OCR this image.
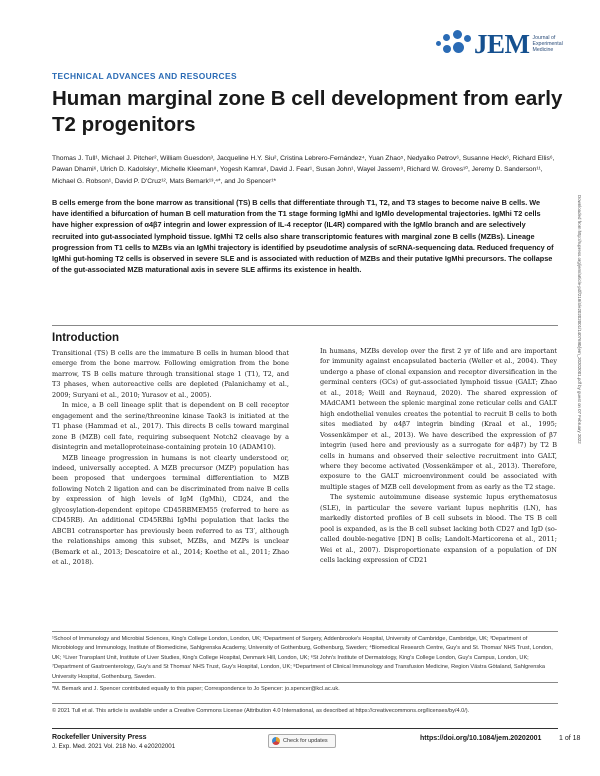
JEM Journal of Experimental Medicine
TECHNICAL ADVANCES AND RESOURCES
Human marginal zone B cell development from early T2 progenitors
Thomas J. Tull¹, Michael J. Pitcher², William Guesdon³, Jacqueline H.Y. Siu², Cristina Lebrero-Fernández⁴, Yuan Zhao⁵, Nedyalko Petrov⁶, Susanne Heck⁶, Richard Ellis⁶, Pawan Dhami⁶, Ulrich D. Kadolsky⁷, Michelle Kleeman⁸, Yogesh Kamra⁶, David J. Fear¹, Susan John¹, Wayel Jassem⁹, Richard W. Groves¹⁰, Jeremy D. Sanderson¹¹, Michael G. Robson¹, David P. D'Cruz¹², Mats Bemark¹³,⁴*, and Jo Spencer¹*
B cells emerge from the bone marrow as transitional (TS) B cells that differentiate through T1, T2, and T3 stages to become naive B cells. We have identified a bifurcation of human B cell maturation from the T1 stage forming IgMhi and IgMlo developmental trajectories. IgMhi T2 cells have higher expression of α4β7 integrin and lower expression of IL-4 receptor (IL4R) compared with the IgMlo branch and are selectively recruited into gut-associated lymphoid tissue. IgMhi T2 cells also share transcriptomic features with marginal zone B cells (MZBs). Lineage progression from T1 cells to MZBs via an IgMhi trajectory is identified by pseudotime analysis of scRNA-sequencing data. Reduced frequency of IgMhi gut-homing T2 cells is observed in severe SLE and is associated with reduction of MZBs and their putative IgMhi precursors. The collapse of the gut-associated MZB maturational axis in severe SLE affirms its existence in health.	Downloaded from http://rupress.org/jem/article-pdf/218/4/e20202001/1407690/jem_20202001.pdf by guest on 07 February 2022
Introduction

Transitional (TS) B cells are the immature B cells in human blood that emerge from the bone marrow. Following emigration from the bone marrow, TS B cells mature through transitional stage 1 (T1), T2, and T3 phases, when autoreactive cells are depleted (Palanichamy et al., 2009; Suryani et al., 2010; Yurasov et al., 2005).

In mice, a B cell lineage split that is dependent on B cell receptor engagement and the serine/threonine kinase Taok3 is initiated at the T1 phase (Hammad et al., 2017). This directs B cells toward marginal zone B (MZB) cell fate, requiring subsequent Notch2 cleavage by a disintegrin and metalloproteinase-containing protein 10 (ADAM10).

MZB lineage progression in humans is not clearly understood or, indeed, universally accepted. A MZB precursor (MZP) population has been proposed that undergoes terminal differentiation to MZB following Notch 2 ligation and can be discriminated from naive B cells by expression of high levels of IgM (IgMhi), CD24, and the glycosylation-dependent epitope CD45RBMEM55 (referred to here as CD45RB). An additional CD45RBhi IgMhi population that lacks the ABCB1 cotransporter has previously been referred to as T3′, although the relationships among this subset, MZBs, and MZPs is unclear (Bemark et al., 2013; Descatoire et al., 2014; Koethe et al., 2011; Zhao et al., 2018).

In humans, MZBs develop over the first 2 yr of life and are important for immunity against encapsulated bacteria (Weller et al., 2004). They undergo a phase of clonal expansion and receptor diversification in the germinal centers (GCs) of gut-associated lymphoid tissue (GALT; Zhao et al., 2018; Weill and Reynaud, 2020). The shared expression of MAdCAM1 between the splenic marginal zone reticular cells and GALT high endothelial venules creates the potential to recruit B cells to both sites mediated by α4β7 integrin binding (Kraal et al., 1995; Vossenkämper et al., 2013). We have described the expression of β7 integrin (used here and previously as a surrogate for α4β7) by T2 B cells in humans and observed their selective recruitment into GALT, where they become activated (Vossenkämper et al., 2013). Therefore, exposure to the GALT microenvironment could be associated with multiple stages of MZB cell development from as early as the T2 stage.

The systemic autoimmune disease systemic lupus erythematosus (SLE), in particular the severe variant lupus nephritis (LN), has markedly distorted profiles of B cell subsets in blood. The TS B cell pool is expanded, as is the B cell subset lacking both CD27 and IgD (so-called double-negative [DN] B cells; Landolt-Marticorena et al., 2011; Wei et al., 2007). Disproportionate expansion of a population of DN cells lacking expression of CD21

¹School of Immunology and Microbial Sciences, King's College London, London, UK; ²Department of Surgery, Addenbrooke's Hospital, University of Cambridge, Cambridge, UK; ³Department of Microbiology and Immunology, Institute of Biomedicine, Sahlgrenska Academy, University of Gothenburg, Gothenburg, Sweden; ⁴Biomedical Research Centre, Guy's and St. Thomas' NHS Trust, London, UK; ⁵Liver Transplant Unit, Institute of Liver Studies, King's College Hospital, Denmark Hill, London, UK; ⁶St John's Institute of Dermatology, King's College London, Guy's Campus, London, UK; ⁷Department of Gastroenterology, Guy's and St Thomas' NHS Trust, Guy's Hospital, London, UK; ⁸Department of Clinical Immunology and Transfusion Medicine, Region Västra Götaland, Sahlgrenska University Hospital, Gothenburg, Sweden.
*M. Bemark and J. Spencer contributed equally to this paper; Correspondence to Jo Spencer: jo.spencer@kcl.ac.uk.
© 2021 Tull et al. This article is available under a Creative Commons License (Attribution 4.0 International, as described at https://creativecommons.org/licenses/by/4.0/).
Rockefeller University Press
J. Exp. Med. 2021 Vol. 218 No. 4 e20202001
Check for updates	https://doi.org/10.1084/jem.20202001	1 of 18
